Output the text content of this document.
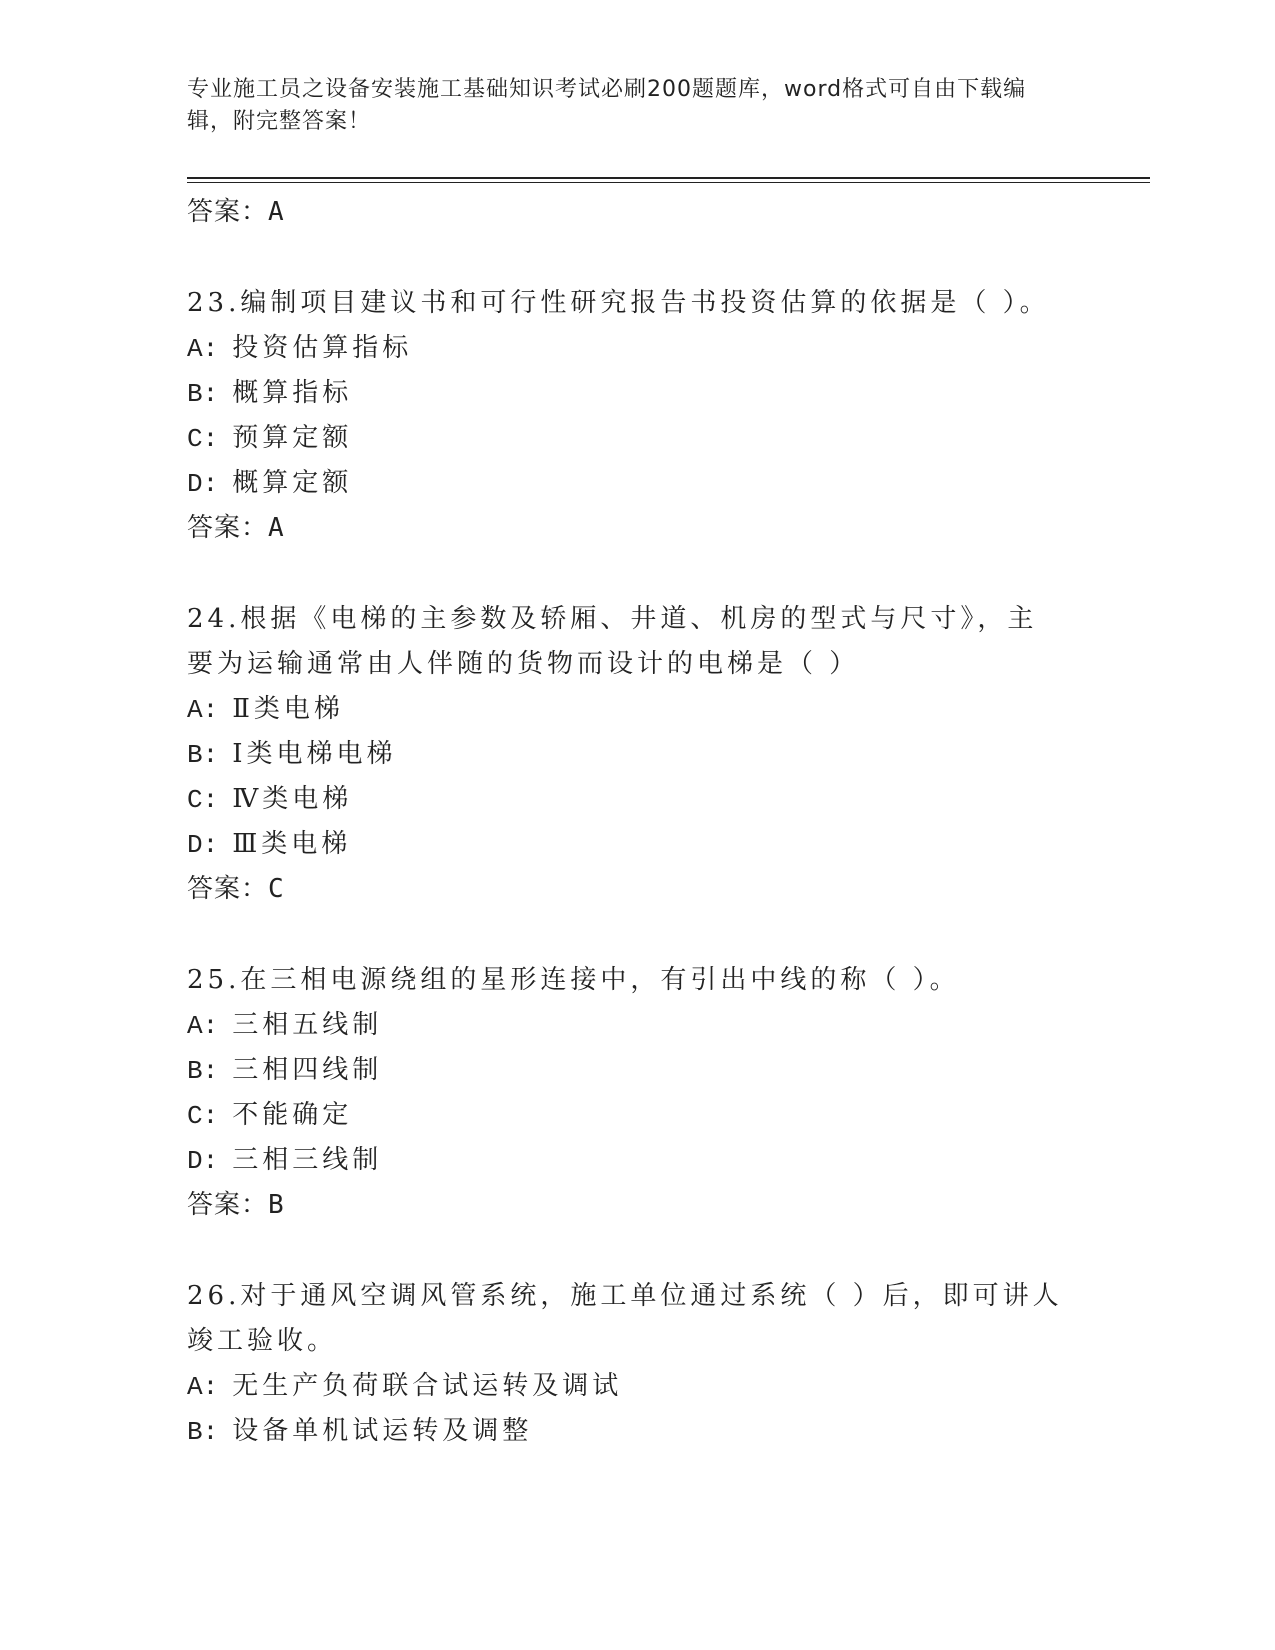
专业施工员之设备安装施工基础知识考试必刷200题题库，word格式可自由下载编辑，附完整答案！
答案：A
23.编制项目建议书和可行性研究报告书投资估算的依据是（ ）。
A: 投资估算指标
B: 概算指标
C: 预算定额
D: 概算定额
答案：A
24.根据《电梯的主参数及轿厢、井道、机房的型式与尺寸》，主要为运输通常由人伴随的货物而设计的电梯是（ ）
A: Ⅱ类电梯
B: Ⅰ类电梯电梯
C: Ⅳ类电梯
D: Ⅲ类电梯
答案：C
25.在三相电源绕组的星形连接中，有引出中线的称（ ）。
A: 三相五线制
B: 三相四线制
C: 不能确定
D: 三相三线制
答案：B
26.对于通风空调风管系统，施工单位通过系统（ ）后，即可讲人竣工验收。
A: 无生产负荷联合试运转及调试
B: 设备单机试运转及调整
